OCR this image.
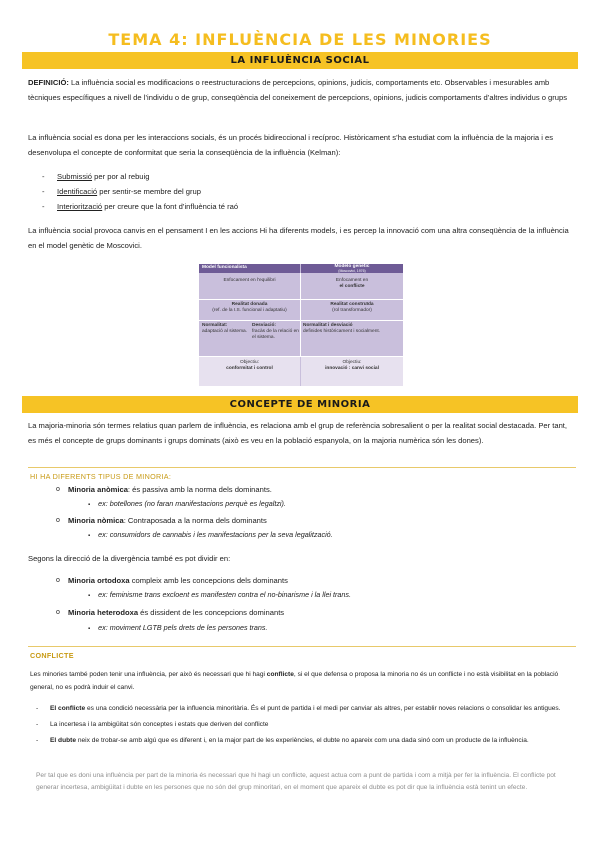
TEMA 4: INFLUÈNCIA DE LES MINORIES
LA INFLUÈNCIA SOCIAL

DEFINICIÓ: La influència social es modificacions o reestructuracions de percepcions, opinions, judicis, comportaments etc. Observables i mesurables amb tècniques específiques a nivell de l’individu o de grup, conseqüència del coneixement de percepcions, opinions, judicis comportaments d’altres individus o grups

La influència social es dona per les interaccions socials, és un procés bidireccional i recíproc. Històricament s’ha estudiat com la influència de la majoria i es desenvolupa el concepte de conformitat que seria la conseqüència de la influència (Kelman):

- Submissió per por al rebuig
- Identificació per sentir-se membre del grup
- Interiorització per creure que la font d’influència té raó

La influència social provoca canvis en el pensament I en les accions Hi ha diferents models, i es percep la innovació com una altra conseqüència de la influència en el model genètic de Moscovici.

Model funcionalista	Modelo genetic
(Moscovici, 1976)
Enfocament en l'equilibri	Enfocament en
el conflicte
Realitat donada
(ref. de la I.S. funcional i adaptatiu)
Realitat construïda
(rol transformador)
Normalitat:
adaptació al sistema.
Desviació:
fracàs de la relació en el sistema.
Normalitat i desviació
definides històricament i socialment.
Objectiu:
conformitat i control
Objectiu:
innovació : canvi social
CONCEPTE DE MINORIA

La majoria-minoria són termes relatius quan parlem de influència, es relaciona amb el grup de referència sobresalient o per la realitat social destacada. Per tant, es més el concepte de grups dominants i grups dominats (això es veu en la població espanyola, on la majoria numèrica són les dones).

HI HA DIFERENTS TIPUS DE MINORIA:
o Minoria anòmica: és passiva amb la norma dels dominants.
▪ ex: botellones (no faran manifestacions perquè es legaltzi).
o Minoria nòmica: Contraposada a la norma dels dominants
▪ ex: consumidors de cannabis i les manifestacions per la seva legalització.

Segons la direcció de la divergència també es pot dividir en:

o Minoria ortodoxa compleix amb les concepcions dels dominants
▪ ex: feminisme trans excloent es manifesten contra el no-binarisme i la llei trans.
o Minoria heterodoxa és dissident de les concepcions dominants
▪ ex: moviment LGTB pels drets de les persones trans.
CONFLICTE

Les minories també poden tenir una influència, per això és necessari que hi hagi conflicte, si el que defensa o proposa la minoria no és un conflicte i no està visibilitat en la població general, no es podrà induir el canvi.

- El conflicte es una condició necessària per la influencia minoritària. És el punt de partida i el medi per canviar als altres, per establir noves relacions o consolidar les antigues.
- La incertesa i la ambigüitat són conceptes i estats que deriven del conflicte
- El dubte neix de trobar-se amb algú que es diferent i, en la major part de les experiències, el dubte no apareix com una dada sinó com un producte de la influència.

Per tal que es doni una influència per part de la minoria és necessari que hi hagi un conflicte, aquest actua com a punt de partida i com a mitjà per fer la influència. El conflicte pot generar incertesa, ambigüitat i dubte en les persones que no són del grup minoritari, en el moment que apareix el dubte es pot dir que la influència està tenint un efecte.
